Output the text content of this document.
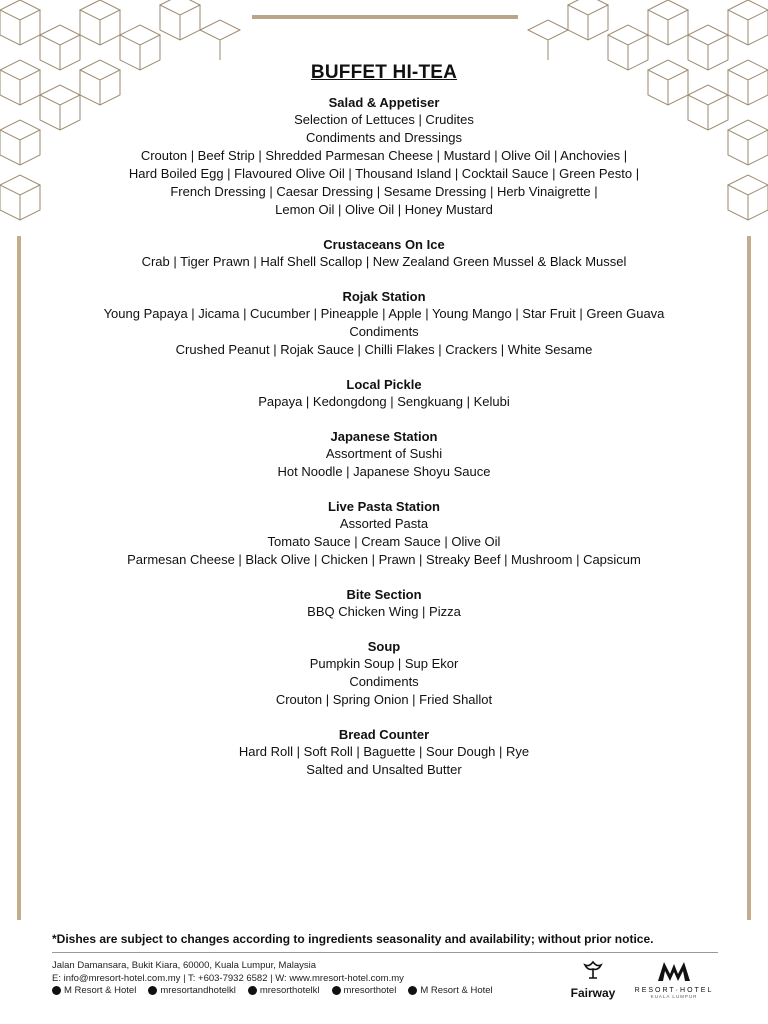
BUFFET HI-TEA
Salad & Appetiser
Selection of Lettuces | Crudites
Condiments and Dressings
Crouton | Beef Strip | Shredded Parmesan Cheese | Mustard | Olive Oil | Anchovies |
Hard Boiled Egg | Flavoured Olive Oil | Thousand Island | Cocktail Sauce | Green Pesto |
French Dressing | Caesar Dressing | Sesame Dressing | Herb Vinaigrette |
Lemon Oil | Olive Oil | Honey Mustard
Crustaceans On Ice
Crab | Tiger Prawn | Half Shell Scallop | New Zealand Green Mussel & Black Mussel
Rojak Station
Young Papaya | Jicama | Cucumber | Pineapple | Apple | Young Mango | Star Fruit | Green Guava
Condiments
Crushed Peanut | Rojak Sauce | Chilli Flakes | Crackers | White Sesame
Local Pickle
Papaya | Kedongdong | Sengkuang | Kelubi
Japanese Station
Assortment of Sushi
Hot Noodle | Japanese Shoyu Sauce
Live Pasta Station
Assorted Pasta
Tomato Sauce | Cream Sauce | Olive Oil
Parmesan Cheese | Black Olive | Chicken | Prawn | Streaky Beef | Mushroom | Capsicum
Bite Section
BBQ Chicken Wing | Pizza
Soup
Pumpkin Soup | Sup Ekor
Condiments
Crouton | Spring Onion | Fried Shallot
Bread Counter
Hard Roll | Soft Roll | Baguette | Sour Dough | Rye
Salted and Unsalted Butter
*Dishes are subject to changes according to ingredients seasonality and availability; without prior notice.
Jalan Damansara, Bukit Kiara, 60000, Kuala Lumpur, Malaysia
E: info@mresort-hotel.com.my | T: +603-7932 6582 | W: www.mresort-hotel.com.my
M Resort & Hotel	mresortandhotelkl	mresorthotelkl	mresorthotel	M Resort & Hotel	Fairway	RESORT·HOTEL
KUALA LUMPUR
